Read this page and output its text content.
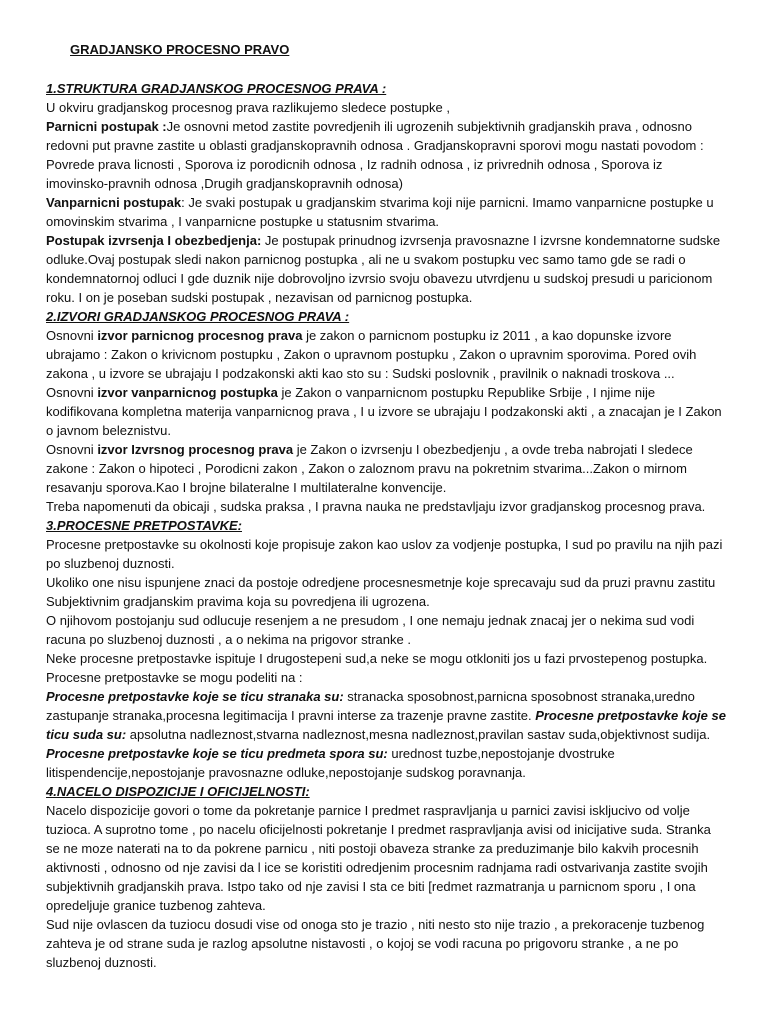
GRADJANSKO PROCESNO PRAVO

1.STRUKTURA GRADJANSKOG PROCESNOG PRAVA :

U okviru gradjanskog procesnog prava razlikujemo sledece postupke ,

Parnicni postupak :Je osnovni metod zastite povredjenih ili ugrozenih subjektivnih gradjanskih prava , odnosno redovni put pravne zastite u oblasti gradjanskopravnih odnosa . Gradjanskopravni sporovi mogu nastati povodom : Povrede prava licnosti , Sporova iz porodicnih odnosa , Iz radnih odnosa , iz privrednih odnosa , Sporova iz imovinsko-pravnih odnosa ,Drugih gradjanskopravnih odnosa)

Vanparnicni postupak: Je svaki postupak u gradjanskim stvarima koji nije parnicni. Imamo vanparnicne postupke u omovinskim stvarima , I vanparnicne postupke u statusnim stvarima.

Postupak izvrsenja I obezbedjenja: Je postupak prinudnog izvrsenja pravosnazne I izvrsne kondemnatorne sudske odluke.Ovaj postupak sledi nakon parnicnog postupka , ali ne u svakom postupku vec samo tamo gde se radi o kondemnatornoj odluci I gde duznik nije dobrovoljno izvrsio svoju obavezu utvrdjenu u sudskoj presudi u paricionom roku. I on je poseban sudski postupak , nezavisan od parnicnog postupka.

2.IZVORI GRADJANSKOG PROCESNOG PRAVA :

Osnovni izvor parnicnog procesnog prava je zakon o parnicnom postupku iz 2011 , a kao dopunske izvore ubrajamo : Zakon o krivicnom postupku , Zakon o upravnom postupku , Zakon o upravnim sporovima. Pored ovih zakona , u izvore se ubrajaju I podzakonski akti kao sto su : Sudski poslovnik , pravilnik o naknadi troskova ...

Osnovni izvor vanparnicnog postupka je Zakon o vanparnicnom postupku Republike Srbije , I njime nije kodifikovana kompletna materija vanparnicnog prava , I u izvore se ubrajaju I podzakonski akti , a znacajan je I Zakon o javnom beleznistvu.

Osnovni izvor Izvrsnog procesnog prava je Zakon o izvrsenju I obezbedjenju , a ovde treba nabrojati I sledece zakone : Zakon o hipoteci , Porodicni zakon , Zakon o zaloznom pravu na pokretnim stvarima...Zakon o mirnom resavanju sporova.Kao I brojne bilateralne I multilateralne konvencije.

Treba napomenuti da obicaji , sudska praksa , I pravna nauka ne predstavljaju izvor gradjanskog procesnog prava.

3.PROCESNE PRETPOSTAVKE:

Procesne pretpostavke su okolnosti koje propisuje zakon kao uslov za vodjenje postupka, I sud po pravilu na njih pazi po sluzbenoj duznosti.

Ukoliko one nisu ispunjene znaci da postoje odredjene procesnesmetnje koje sprecavaju sud da pruzi pravnu zastitu Subjektivnim gradjanskim pravima koja su povredjena ili ugrozena.

O njihovom postojanju sud odlucuje resenjem a ne presudom , I one nemaju jednak znacaj jer o nekima sud vodi racuna po sluzbenoj duznosti , a o nekima na prigovor stranke .

Neke procesne pretpostavke ispituje I drugostepeni sud,a neke se mogu otkloniti jos u fazi prvostepenog postupka.

Procesne pretpostavke se mogu podeliti na :

Procesne pretpostavke koje se ticu stranaka su: stranacka sposobnost,parnicna sposobnost stranaka,uredno zastupanje stranaka,procesna legitimacija I pravni interse za trazenje pravne zastite. Procesne pretpostavke koje se ticu suda su: apsolutna nadleznost,stvarna nadleznost,mesna nadleznost,pravilan sastav suda,objektivnost sudija.

Procesne pretpostavke koje se ticu predmeta spora su: urednost tuzbe,nepostojanje dvostruke litispendencije,nepostojanje pravosnazne odluke,nepostojanje sudskog poravnanja.

4.NACELO DISPOZICIJE I OFICIJELNOSTI:

Nacelo dispozicije govori o tome da pokretanje parnice I predmet raspravljanja u parnici zavisi iskljucivo od volje tuzioca. A suprotno tome , po nacelu oficijelnosti pokretanje I predmet raspravljanja avisi od inicijative suda. Stranka se ne moze naterati na to da pokrene parnicu , niti postoji obaveza stranke za preduzimanje bilo kakvih procesnih aktivnosti , odnosno od nje zavisi da l ice se koristiti odredjenim procesnim radnjama radi ostvarivanja zastite svojih subjektivnih gradjanskih prava. Istpo tako od nje zavisi I sta ce biti [redmet razmatranja u parnicnom sporu , I ona opredeljuje granice tuzbenog zahteva.

Sud nije ovlascen da tuziocu dosudi vise od onoga sto je trazio , niti nesto sto nije trazio , a prekoracenje tuzbenog zahteva je od strane suda je razlog apsolutne nistavosti , o kojoj se vodi racuna po prigovoru stranke , a ne po sluzbenoj duznosti.
